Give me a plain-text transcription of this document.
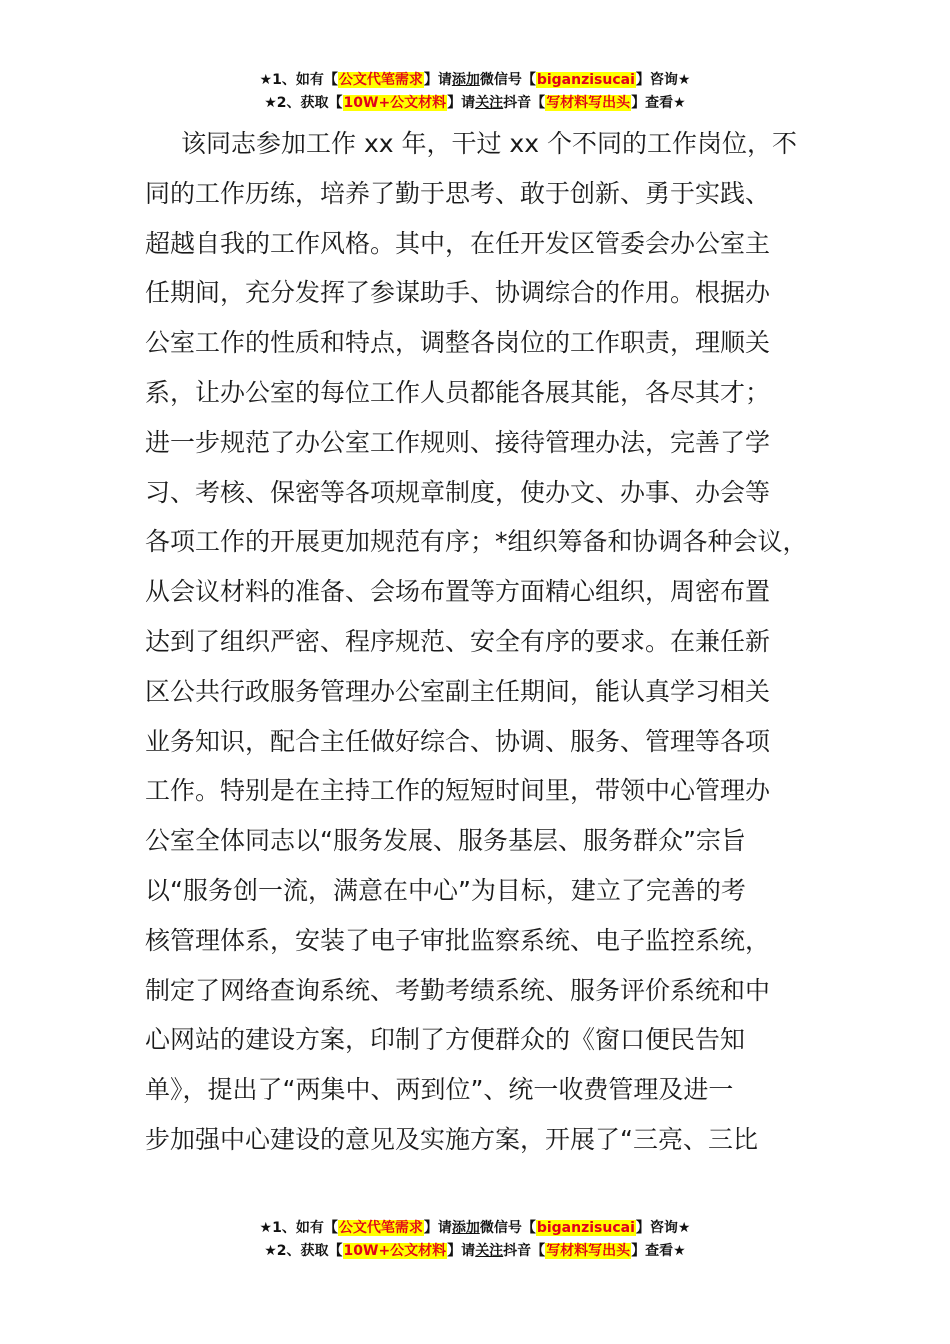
★1、如有【公文代笔需求】请添加微信号【biganzisucai】咨询★
★2、获取【10W+公文材料】请关注抖音【写材料写出头】查看★
该同志参加工作 xx 年，干过 xx 个不同的工作岗位，不
同的工作历练，培养了勤于思考、敢于创新、勇于实践、
超越自我的工作风格。其中，在任开发区管委会办公室主
任期间，充分发挥了参谋助手、协调综合的作用。根据办
公室工作的性质和特点，调整各岗位的工作职责，理顺关
系，让办公室的每位工作人员都能各展其能，各尽其才；
进一步规范了办公室工作规则、接待管理办法，完善了学
习、考核、保密等各项规章制度，使办文、办事、办会等
各项工作的开展更加规范有序；*组织筹备和协调各种会议，
从会议材料的准备、会场布置等方面精心组织，周密布置
达到了组织严密、程序规范、安全有序的要求。在兼任新
区公共行政服务管理办公室副主任期间，能认真学习相关
业务知识，配合主任做好综合、协调、服务、管理等各项
工作。特别是在主持工作的短短时间里，带领中心管理办
公室全体同志以“服务发展、服务基层、服务群众”宗旨
以“服务创一流，满意在中心”为目标，建立了完善的考
核管理体系，安装了电子审批监察系统、电子监控系统，
制定了网络查询系统、考勤考绩系统、服务评价系统和中
心网站的建设方案，印制了方便群众的《窗口便民告知
单》，提出了“两集中、两到位”、统一收费管理及进一
步加强中心建设的意见及实施方案，开展了“三亮、三比
★1、如有【公文代笔需求】请添加微信号【biganzisucai】咨询★
★2、获取【10W+公文材料】请关注抖音【写材料写出头】查看★
